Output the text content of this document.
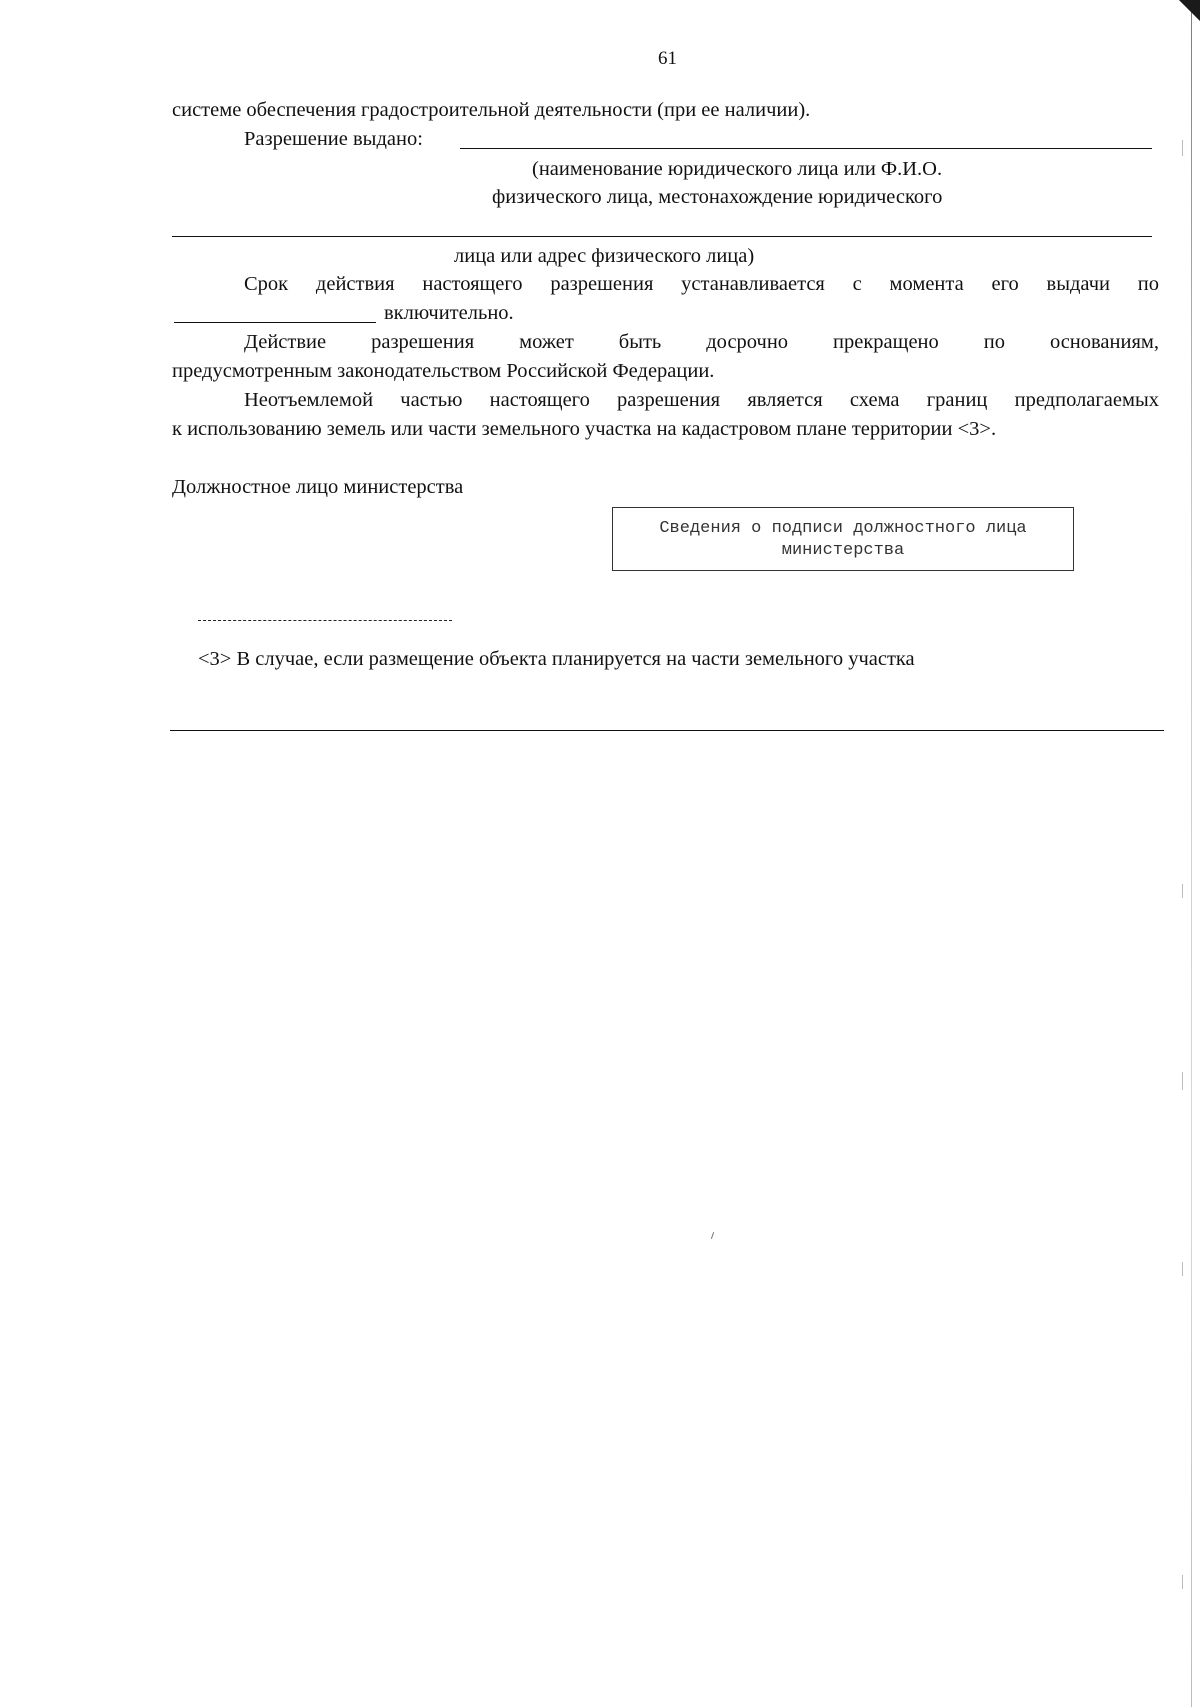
61
системе обеспечения градостроительной деятельности (при ее наличии).
Разрешение выдано:
(наименование юридического лица или Ф.И.О.
физического лица, местонахождение юридического
лица или адрес физического лица)
Срок действия настоящего разрешения устанавливается с момента его выдачи по
включительно.
Действие разрешения может быть досрочно прекращено по основаниям,
предусмотренным законодательством Российской Федерации.
Неотъемлемой частью настоящего разрешения является схема границ предполагаемых
к использованию земель или части земельного участка на кадастровом плане территории <3>.
Должностное лицо министерства
Сведения о подписи должностного лица
министерства
<3> В случае, если размещение объекта планируется на части земельного участка
